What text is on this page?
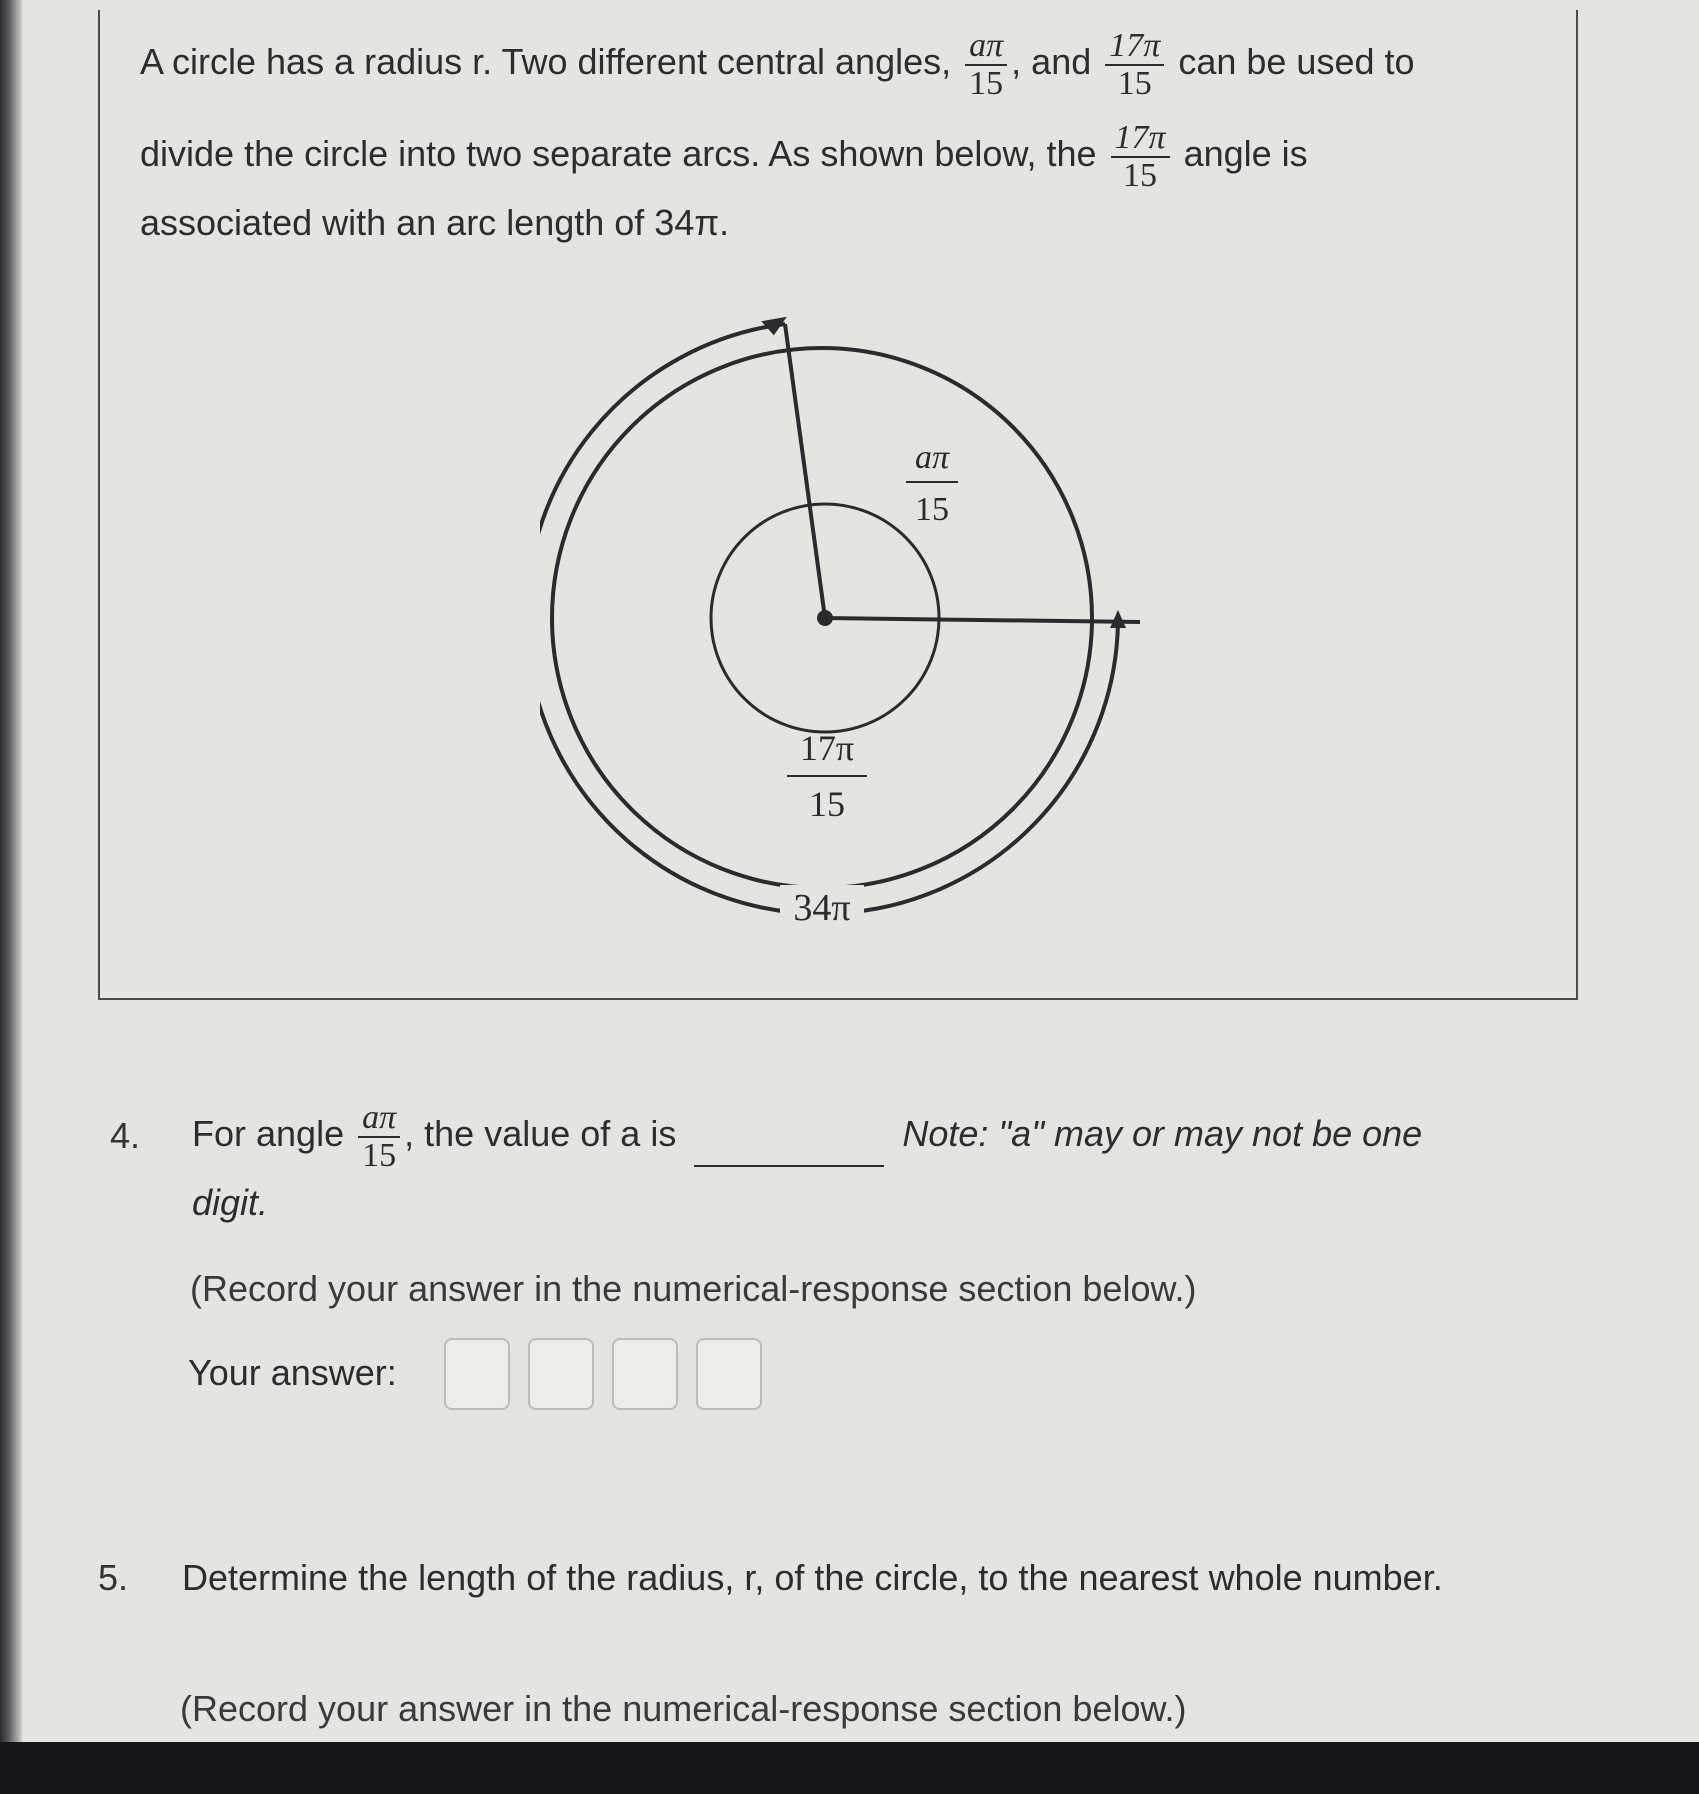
A circle has a radius r. Two different central angles, $\frac{a\pi}{15}$ , and $\frac{17\pi}{15}$ can be used to
divide the circle into two separate arcs. As shown below, the $\frac{17\pi}{15}$ angle is
associated with an arc length of 34π.
aπ
15
17π
15
34π
4. For angle $\frac{a\pi}{15}$ , the value of a is	Note: "a" may or may not be one
digit.
(Record your answer in the numerical-response section below.)
Your answer:
5. Determine the length of the radius, r, of the circle, to the nearest whole number.
(Record your answer in the numerical-response section below.)
